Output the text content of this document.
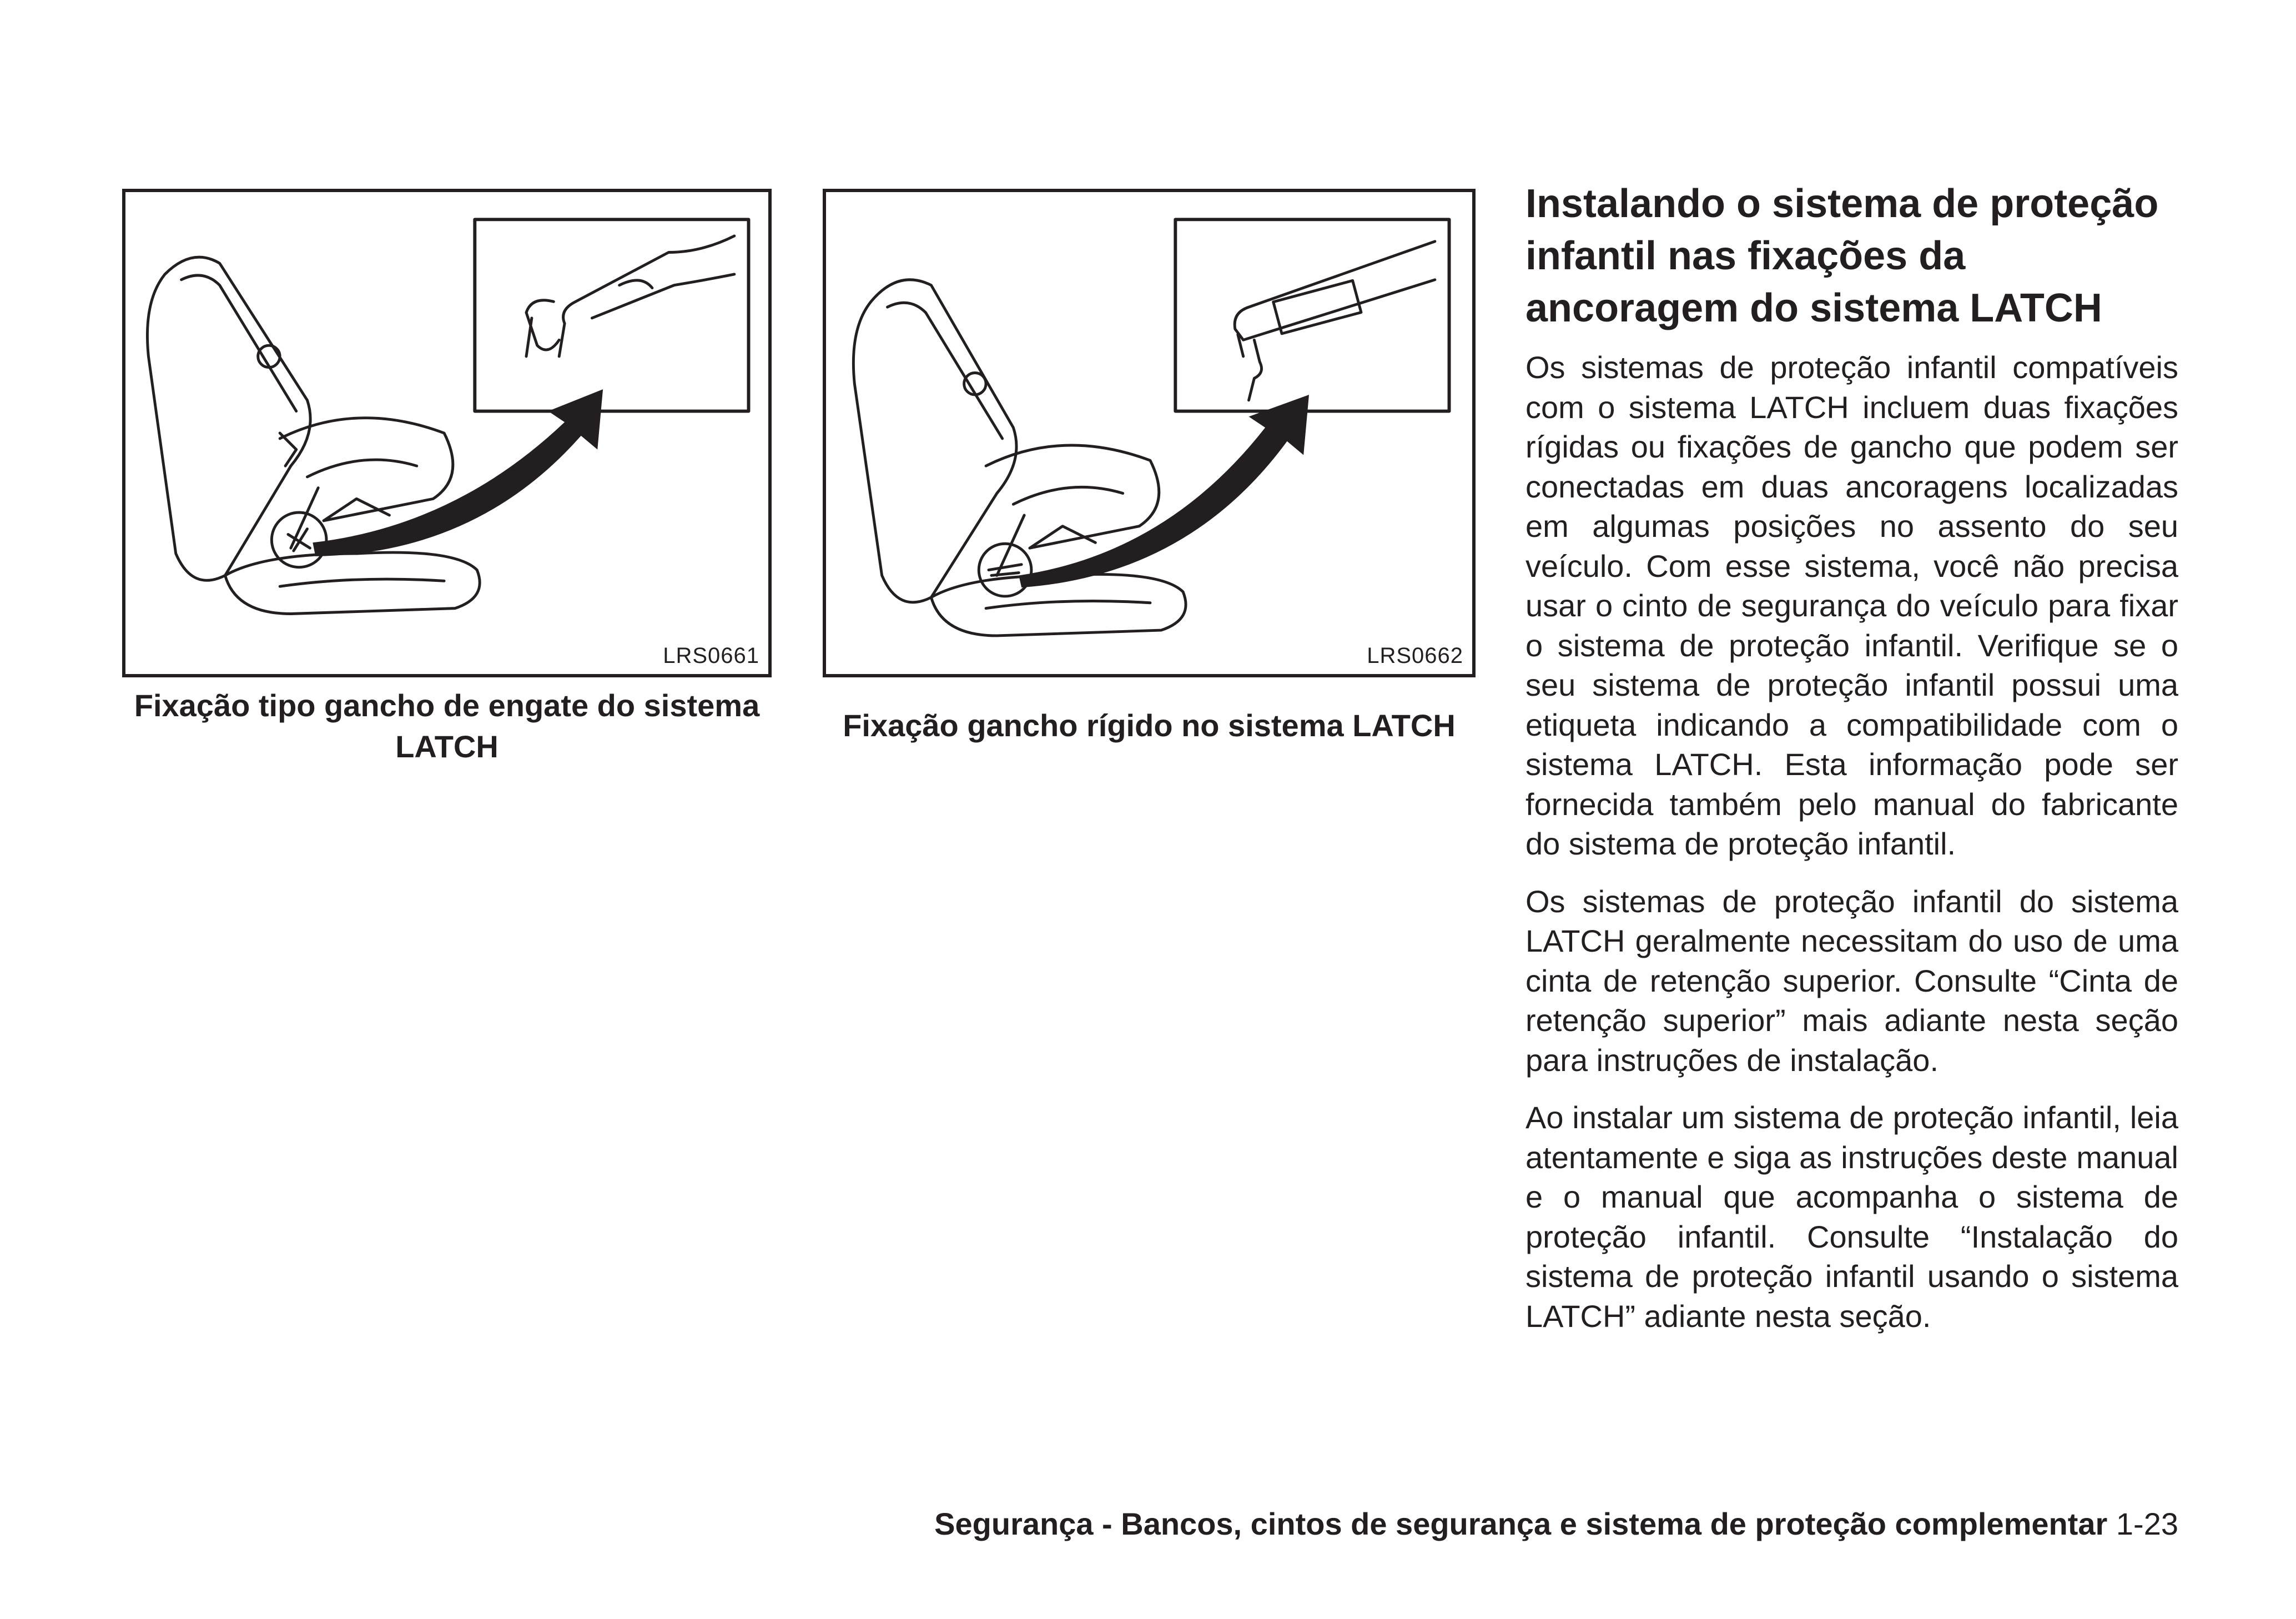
LRS0661	LRS0662
Fixação tipo gancho de engate do sistema LATCH
Fixação gancho rígido no sistema LATCH
Instalando o sistema de proteção infantil nas fixações da ancoragem do sistema LATCH

Os sistemas de proteção infantil compatíveis com o sistema LATCH incluem duas fixações rígidas ou fixações de gancho que podem ser conectadas em duas ancoragens localizadas em algumas posições no assento do seu veículo. Com esse sistema, você não precisa usar o cinto de segurança do veículo para fixar o sistema de proteção infantil. Verifique se o seu sistema de proteção infantil possui uma etiqueta indicando a compatibilidade com o sistema LATCH. Esta informação pode ser fornecida também pelo manual do fabricante do sistema de proteção infantil.

Os sistemas de proteção infantil do sistema LATCH geralmente necessitam do uso de uma cinta de retenção superior. Consulte “Cinta de retenção superior” mais adiante nesta seção para instruções de instalação.

Ao instalar um sistema de proteção infantil, leia atentamente e siga as instruções deste manual e o manual que acompanha o sistema de proteção infantil. Consulte “Instalação do sistema de proteção infantil usando o sistema LATCH” adiante nesta seção.

Segurança - Bancos, cintos de segurança e sistema de proteção complementar 1-23
